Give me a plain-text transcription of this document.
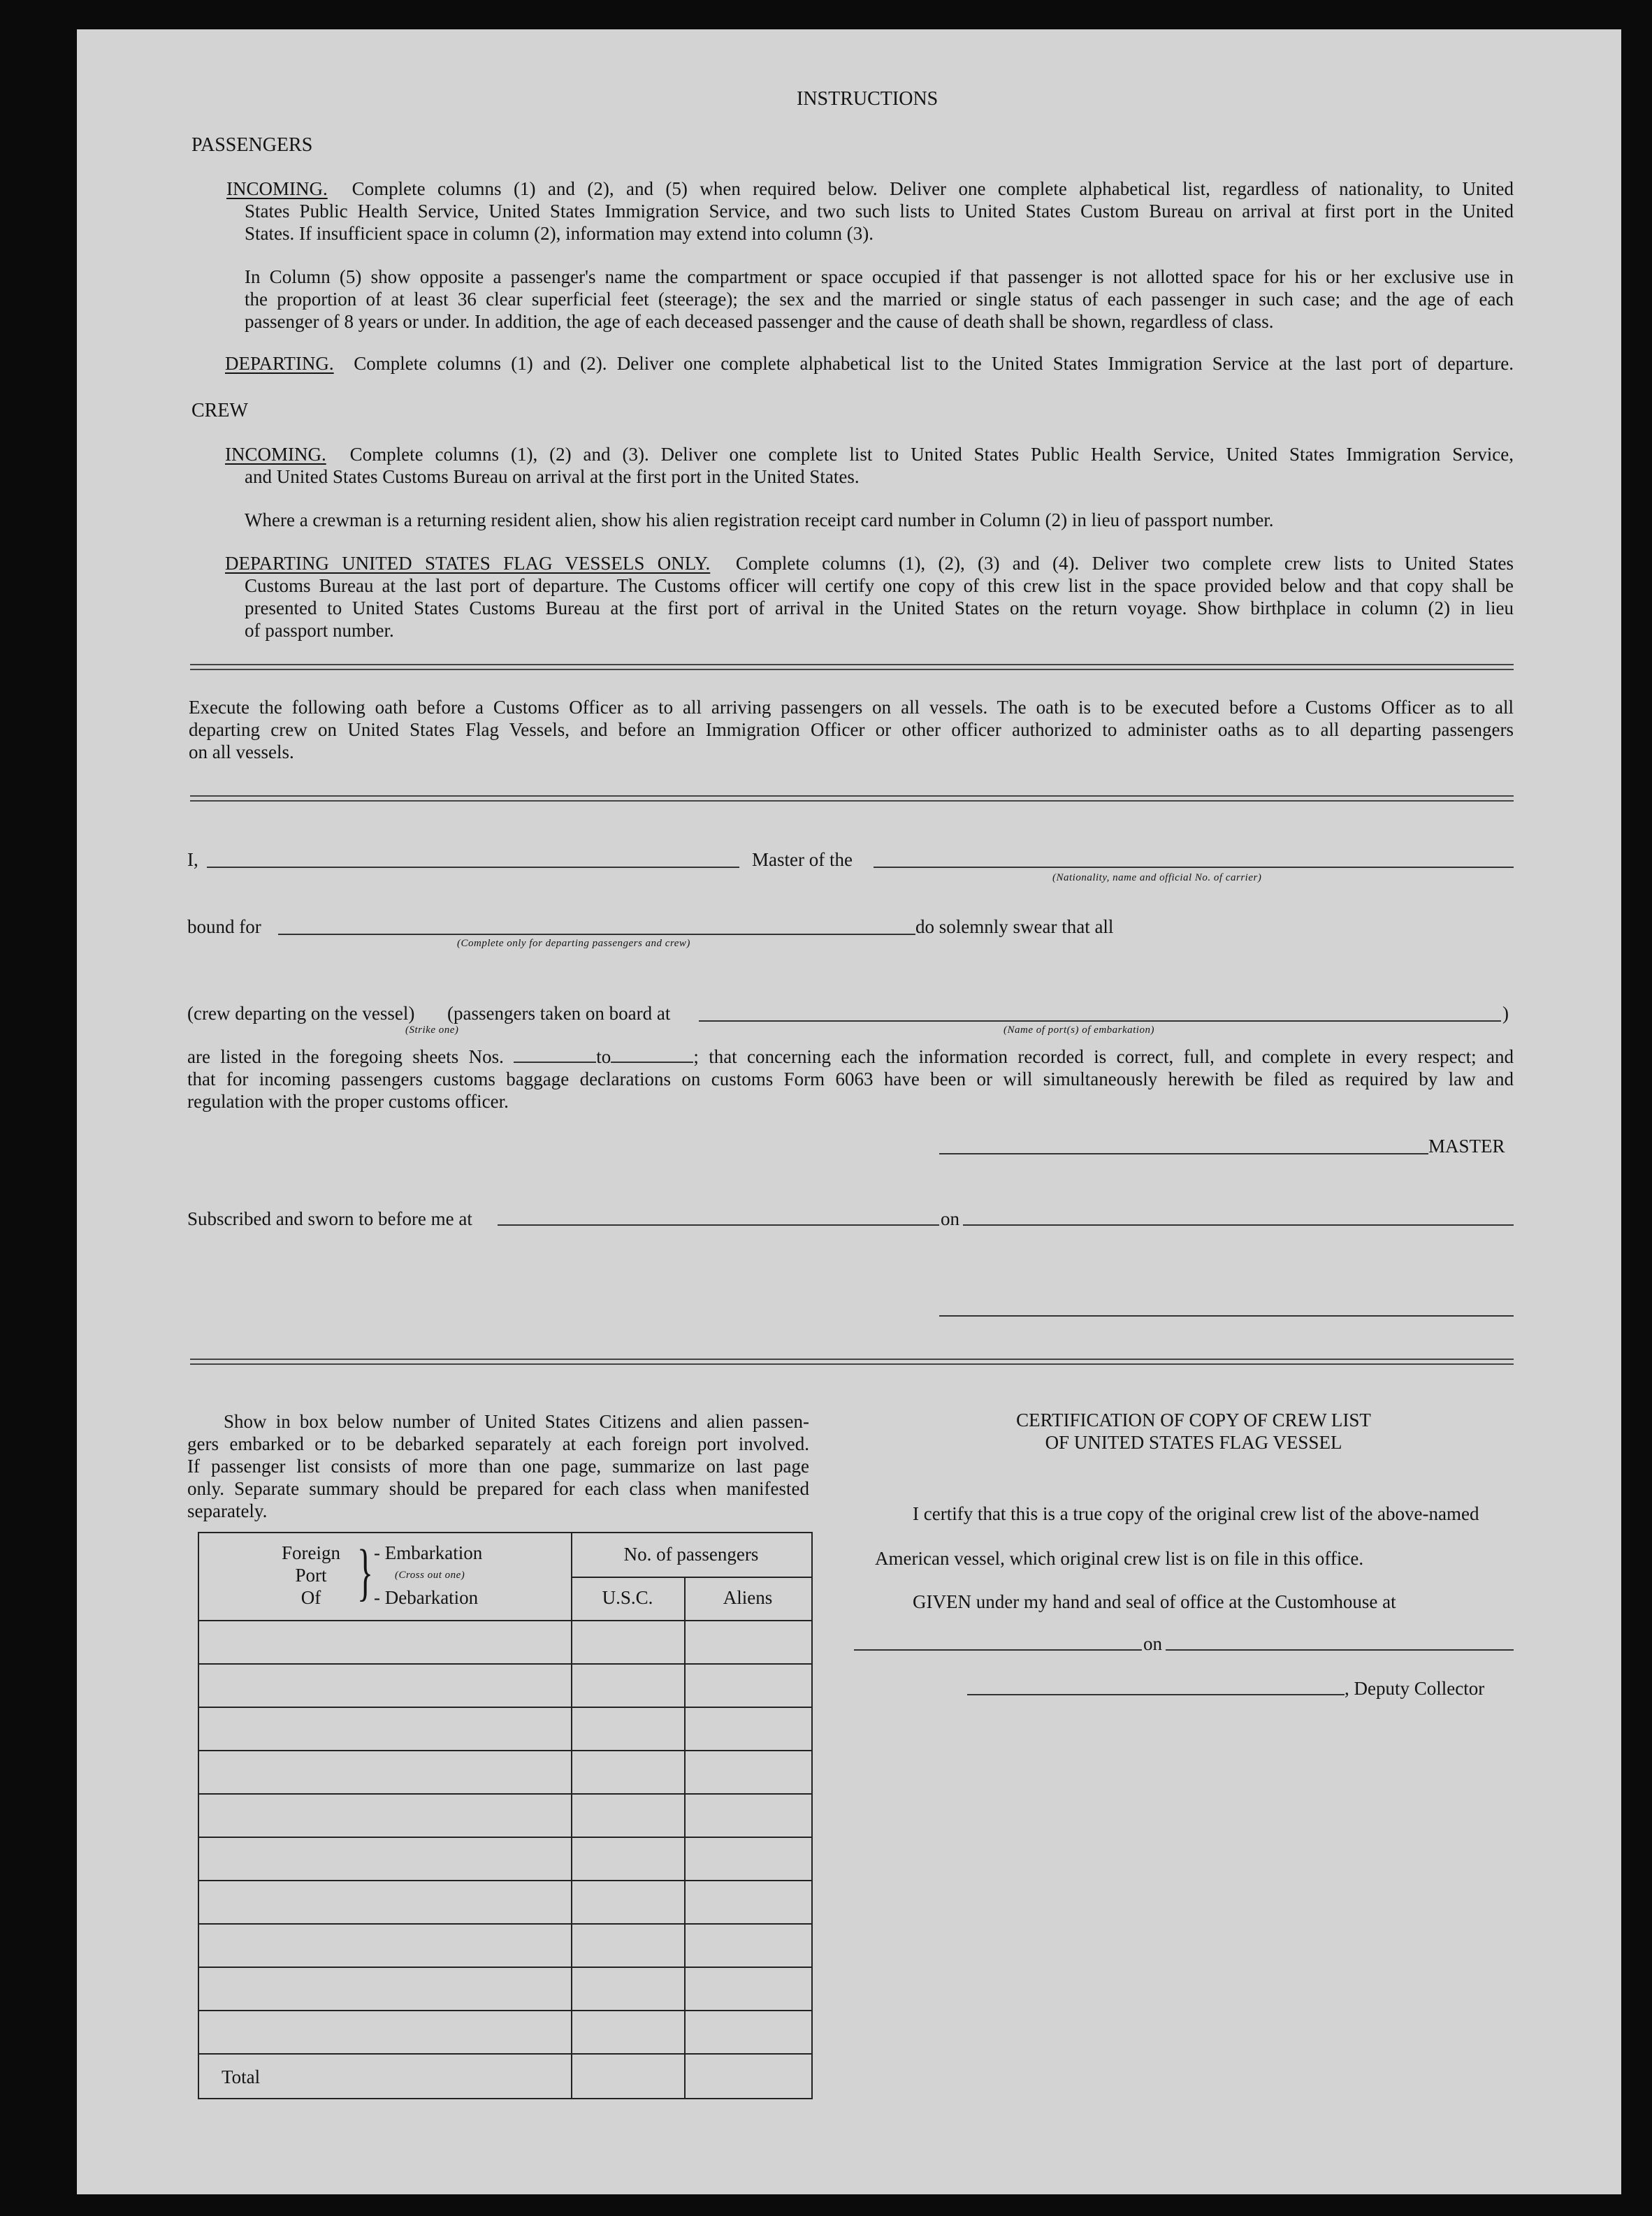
INSTRUCTIONS
PASSENGERS
INCOMING. Complete columns (1) and (2), and (5) when required below. Deliver one complete alphabetical list, regardless of nationality, to United
States Public Health Service, United States Immigration Service, and two such lists to United States Custom Bureau on arrival at first port in the United
States. If insufficient space in column (2), information may extend into column (3).
In Column (5) show opposite a passenger's name the compartment or space occupied if that passenger is not allotted space for his or her exclusive use in
the proportion of at least 36 clear superficial feet (steerage); the sex and the married or single status of each passenger in such case; and the age of each
passenger of 8 years or under. In addition, the age of each deceased passenger and the cause of death shall be shown, regardless of class.
DEPARTING. Complete columns (1) and (2). Deliver one complete alphabetical list to the United States Immigration Service at the last port of departure.
CREW
INCOMING. Complete columns (1), (2) and (3). Deliver one complete list to United States Public Health Service, United States Immigration Service,
and United States Customs Bureau on arrival at the first port in the United States.
Where a crewman is a returning resident alien, show his alien registration receipt card number in Column (2) in lieu of passport number.
DEPARTING UNITED STATES FLAG VESSELS ONLY. Complete columns (1), (2), (3) and (4). Deliver two complete crew lists to United States
Customs Bureau at the last port of departure. The Customs officer will certify one copy of this crew list in the space provided below and that copy shall be
presented to United States Customs Bureau at the first port of arrival in the United States on the return voyage. Show birthplace in column (2) in lieu
of passport number.
Execute the following oath before a Customs Officer as to all arriving passengers on all vessels. The oath is to be executed before a Customs Officer as to all
departing crew on United States Flag Vessels, and before an Immigration Officer or other officer authorized to administer oaths as to all departing passengers
on all vessels.
I,	Master of the
(Nationality, name and official No. of carrier)
bound for	do solemnly swear that all
(Complete only for departing passengers and crew)
(crew departing on the vessel) (passengers taken on board at	)
(Strike one)	(Name of port(s) of embarkation)
are listed in the foregoing sheets Nos.	to	; that concerning each the information recorded is correct, full, and complete in every respect; and
that for incoming passengers customs baggage declarations on customs Form 6063 have been or will simultaneously herewith be filed as required by law and
regulation with the proper customs officer.
MASTER
Subscribed and sworn to before me at	on
Show in box below number of United States Citizens and alien passen-
gers embarked or to be debarked separately at each foreign port involved.
If passenger list consists of more than one page, summarize on last page
only. Separate summary should be prepared for each class when manifested
separately.
Foreign
Port
Of	} - Embarkation
(Cross out one)
- Debarkation
No. of passengers
U.S.C.	Aliens
Total
CERTIFICATION OF COPY OF CREW LIST
OF UNITED STATES FLAG VESSEL
I certify that this is a true copy of the original crew list of the above-named
American vessel, which original crew list is on file in this office.
GIVEN under my hand and seal of office at the Customhouse at
on
, Deputy Collector
